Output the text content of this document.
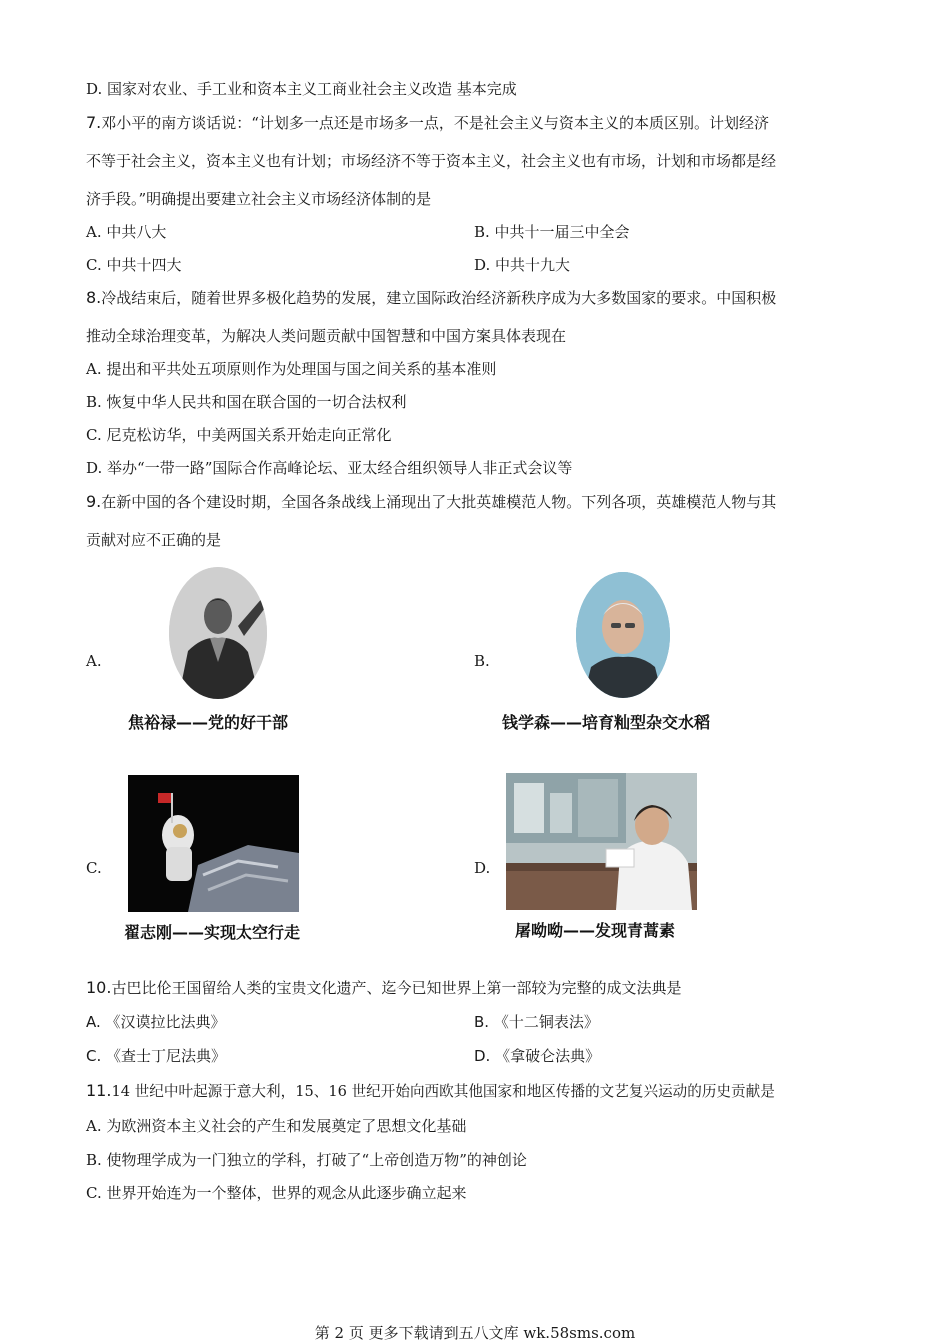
D. 国家对农业、手工业和资本主义工商业社会主义改造 基本完成
7.邓小平的南方谈话说：“计划多一点还是市场多一点，不是社会主义与资本主义的本质区别。计划经济
不等于社会主义，资本主义也有计划；市场经济不等于资本主义，社会主义也有市场，计划和市场都是经
济手段。”明确提出要建立社会主义市场经济体制的是
A. 中共八大	B. 中共十一届三中全会
C. 中共十四大	D. 中共十九大
8.冷战结束后，随着世界多极化趋势的发展，建立国际政治经济新秩序成为大多数国家的要求。中国积极
推动全球治理变革，为解决人类问题贡献中国智慧和中国方案具体表现在
A. 提出和平共处五项原则作为处理国与国之间关系的基本准则
B. 恢复中华人民共和国在联合国的一切合法权利
C. 尼克松访华，中美两国关系开始走向正常化
D. 举办“一带一路”国际合作高峰论坛、亚太经合组织领导人非正式会议等
9.在新中国的各个建设时期，全国各条战线上涌现出了大批英雄模范人物。下列各项，英雄模范人物与其
贡献对应不正确的是
A.
焦裕禄——党的好干部
B.
钱学森——培育籼型杂交水稻
C.
翟志刚——实现太空行走
D.
屠呦呦——发现青蒿素
10.古巴比伦王国留给人类的宝贵文化遗产、迄今已知世界上第一部较为完整的成文法典是
A. 《汉谟拉比法典》	B. 《十二铜表法》
C. 《查士丁尼法典》	D. 《拿破仑法典》
11.14 世纪中叶起源于意大利，15、16 世纪开始向西欧其他国家和地区传播的文艺复兴运动的历史贡献是
A. 为欧洲资本主义社会的产生和发展奠定了思想文化基础
B. 使物理学成为一门独立的学科，打破了“上帝创造万物”的神创论
C. 世界开始连为一个整体，世界的观念从此逐步确立起来
第 2 页 更多下载请到五八文库 wk.58sms.com
